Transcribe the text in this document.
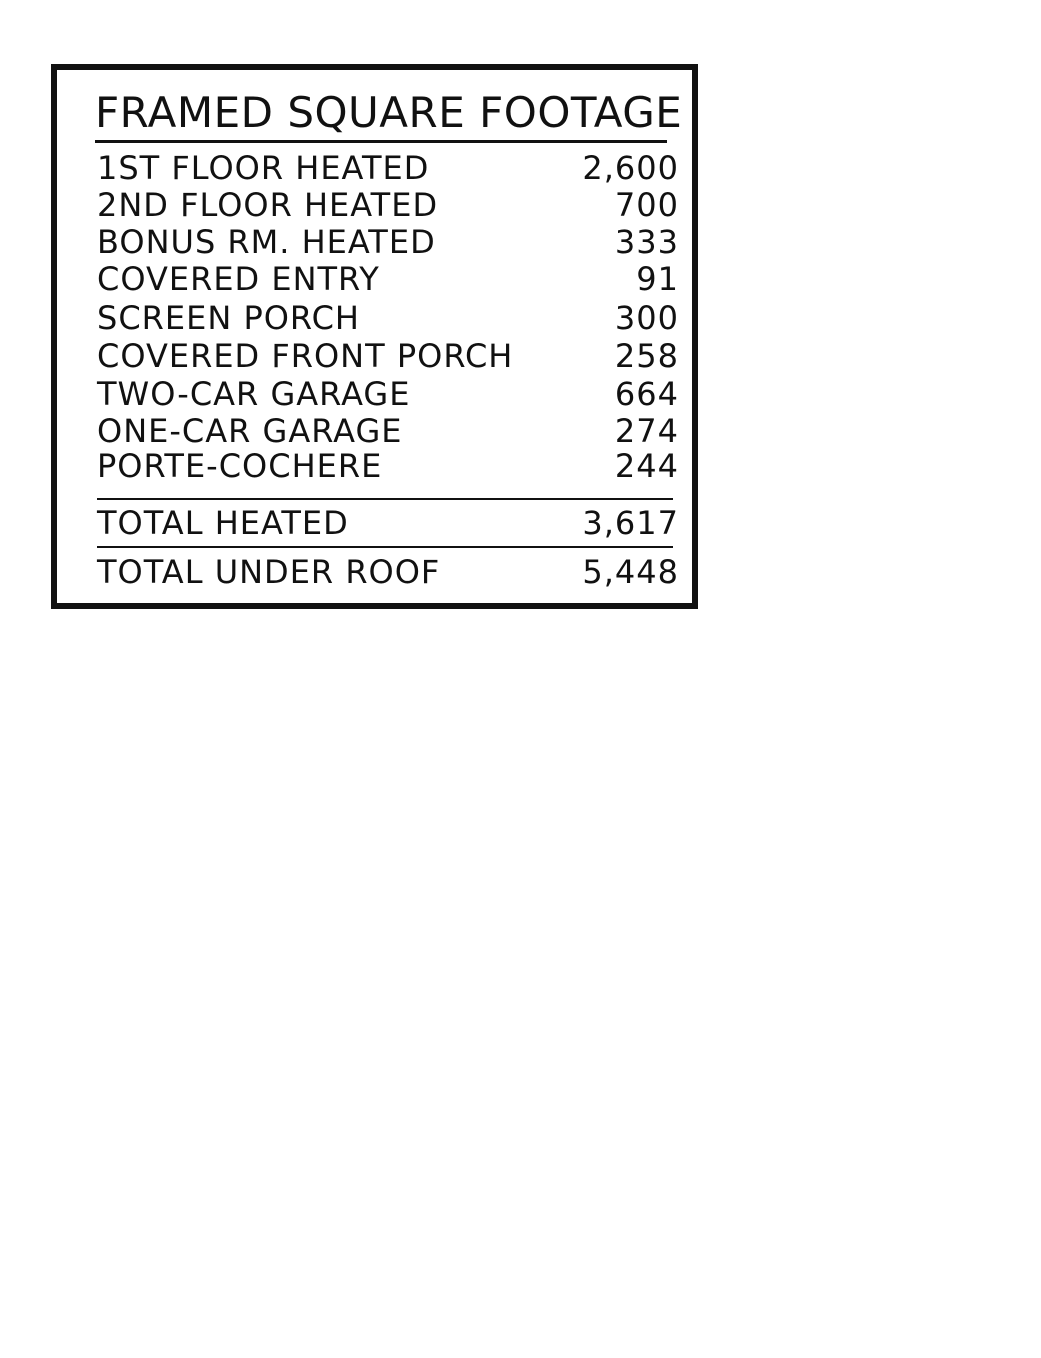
FRAMED SQUARE FOOTAGE
1ST FLOOR HEATED	2,600
2ND FLOOR HEATED	700
BONUS RM. HEATED	333
COVERED ENTRY	91
SCREEN PORCH	300
COVERED FRONT PORCH	258
TWO-CAR GARAGE	664
ONE-CAR GARAGE	274
PORTE-COCHERE	244
TOTAL HEATED	3,617
TOTAL UNDER ROOF	5,448
